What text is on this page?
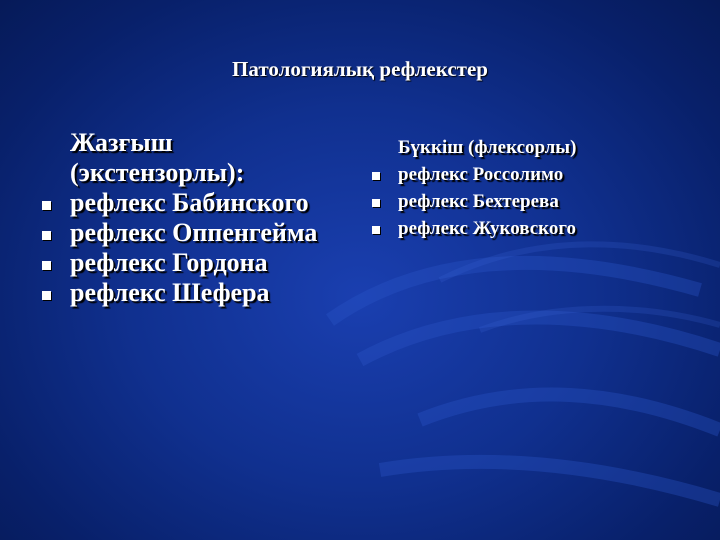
Патологиялық рефлекстер
Жазғыш
(экстензорлы):
рефлекс Бабинского
рефлекс Оппенгейма
рефлекс Гордона
рефлекс Шефера
Бүккіш (флексорлы)
рефлекс Россолимо
рефлекс Бехтерева
рефлекс Жуковского
